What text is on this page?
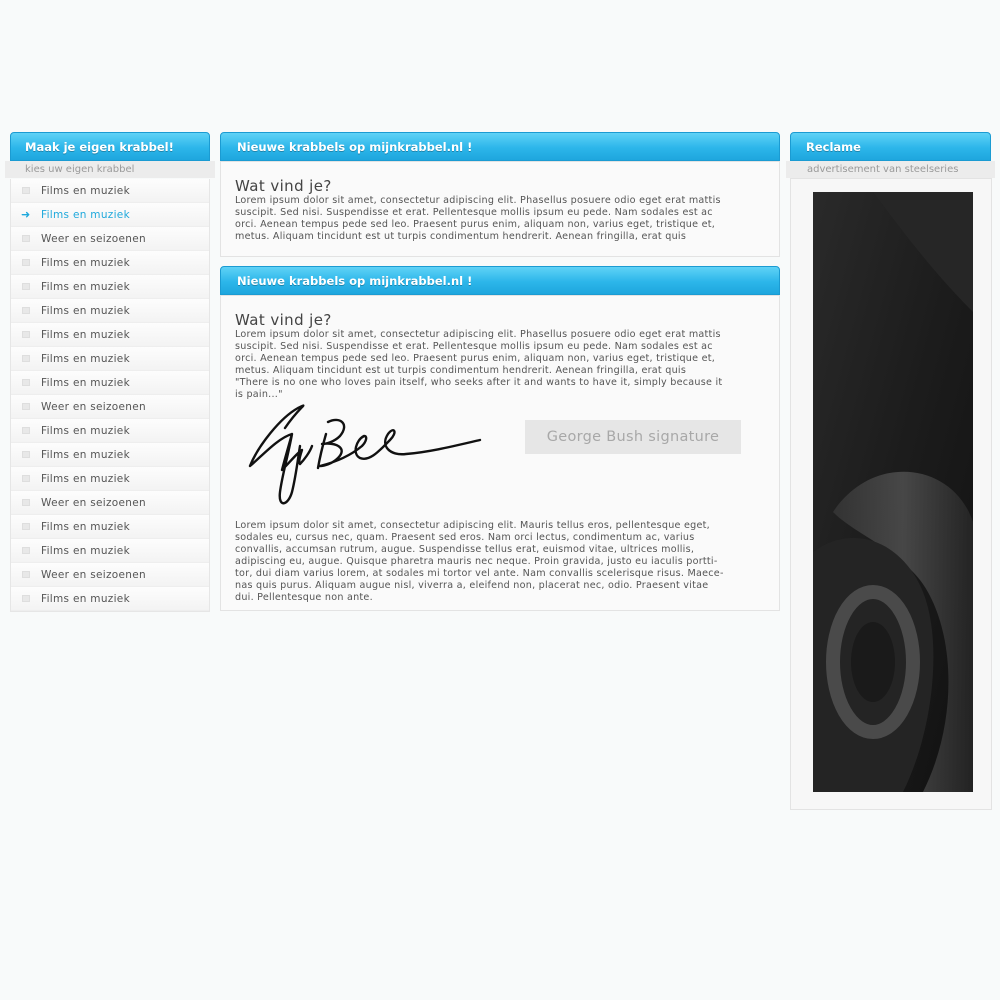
Maak je eigen krabbel!
kies uw eigen krabbel
Films en muziek
➜ Films en muziek
Weer en seizoenen
Films en muziek
Films en muziek
Films en muziek
Films en muziek
Films en muziek
Films en muziek
Weer en seizoenen
Films en muziek
Films en muziek
Films en muziek
Weer en seizoenen
Films en muziek
Films en muziek
Weer en seizoenen
Films en muziek
Nieuwe krabbels op mijnkrabbel.nl !
Wat vind je?
Lorem ipsum dolor sit amet, consectetur adipiscing elit. Phasellus posuere odio eget erat mattis
suscipit. Sed nisi. Suspendisse et erat. Pellentesque mollis ipsum eu pede. Nam sodales est ac
orci. Aenean tempus pede sed leo. Praesent purus enim, aliquam non, varius eget, tristique et,
metus. Aliquam tincidunt est ut turpis condimentum hendrerit. Aenean fringilla, erat quis
Nieuwe krabbels op mijnkrabbel.nl !
Wat vind je?
Lorem ipsum dolor sit amet, consectetur adipiscing elit. Phasellus posuere odio eget erat mattis
suscipit. Sed nisi. Suspendisse et erat. Pellentesque mollis ipsum eu pede. Nam sodales est ac
orci. Aenean tempus pede sed leo. Praesent purus enim, aliquam non, varius eget, tristique et,
metus. Aliquam tincidunt est ut turpis condimentum hendrerit. Aenean fringilla, erat quis
"There is no one who loves pain itself, who seeks after it and wants to have it, simply because it
is pain..."
Lorem ipsum dolor sit amet, consectetur adipiscing elit. Mauris tellus eros, pellentesque eget,
sodales eu, cursus nec, quam. Praesent sed eros. Nam orci lectus, condimentum ac, varius
convallis, accumsan rutrum, augue. Suspendisse tellus erat, euismod vitae, ultrices mollis,
adipiscing eu, augue. Quisque pharetra mauris nec neque. Proin gravida, justo eu iaculis portti-
tor, dui diam varius lorem, at sodales mi tortor vel ante. Nam convallis scelerisque risus. Maece-
nas quis purus. Aliquam augue nisl, viverra a, eleifend non, placerat nec, odio. Praesent vitae
dui. Pellentesque non ante.
George Bush signature
Reclame
advertisement van steelseries
